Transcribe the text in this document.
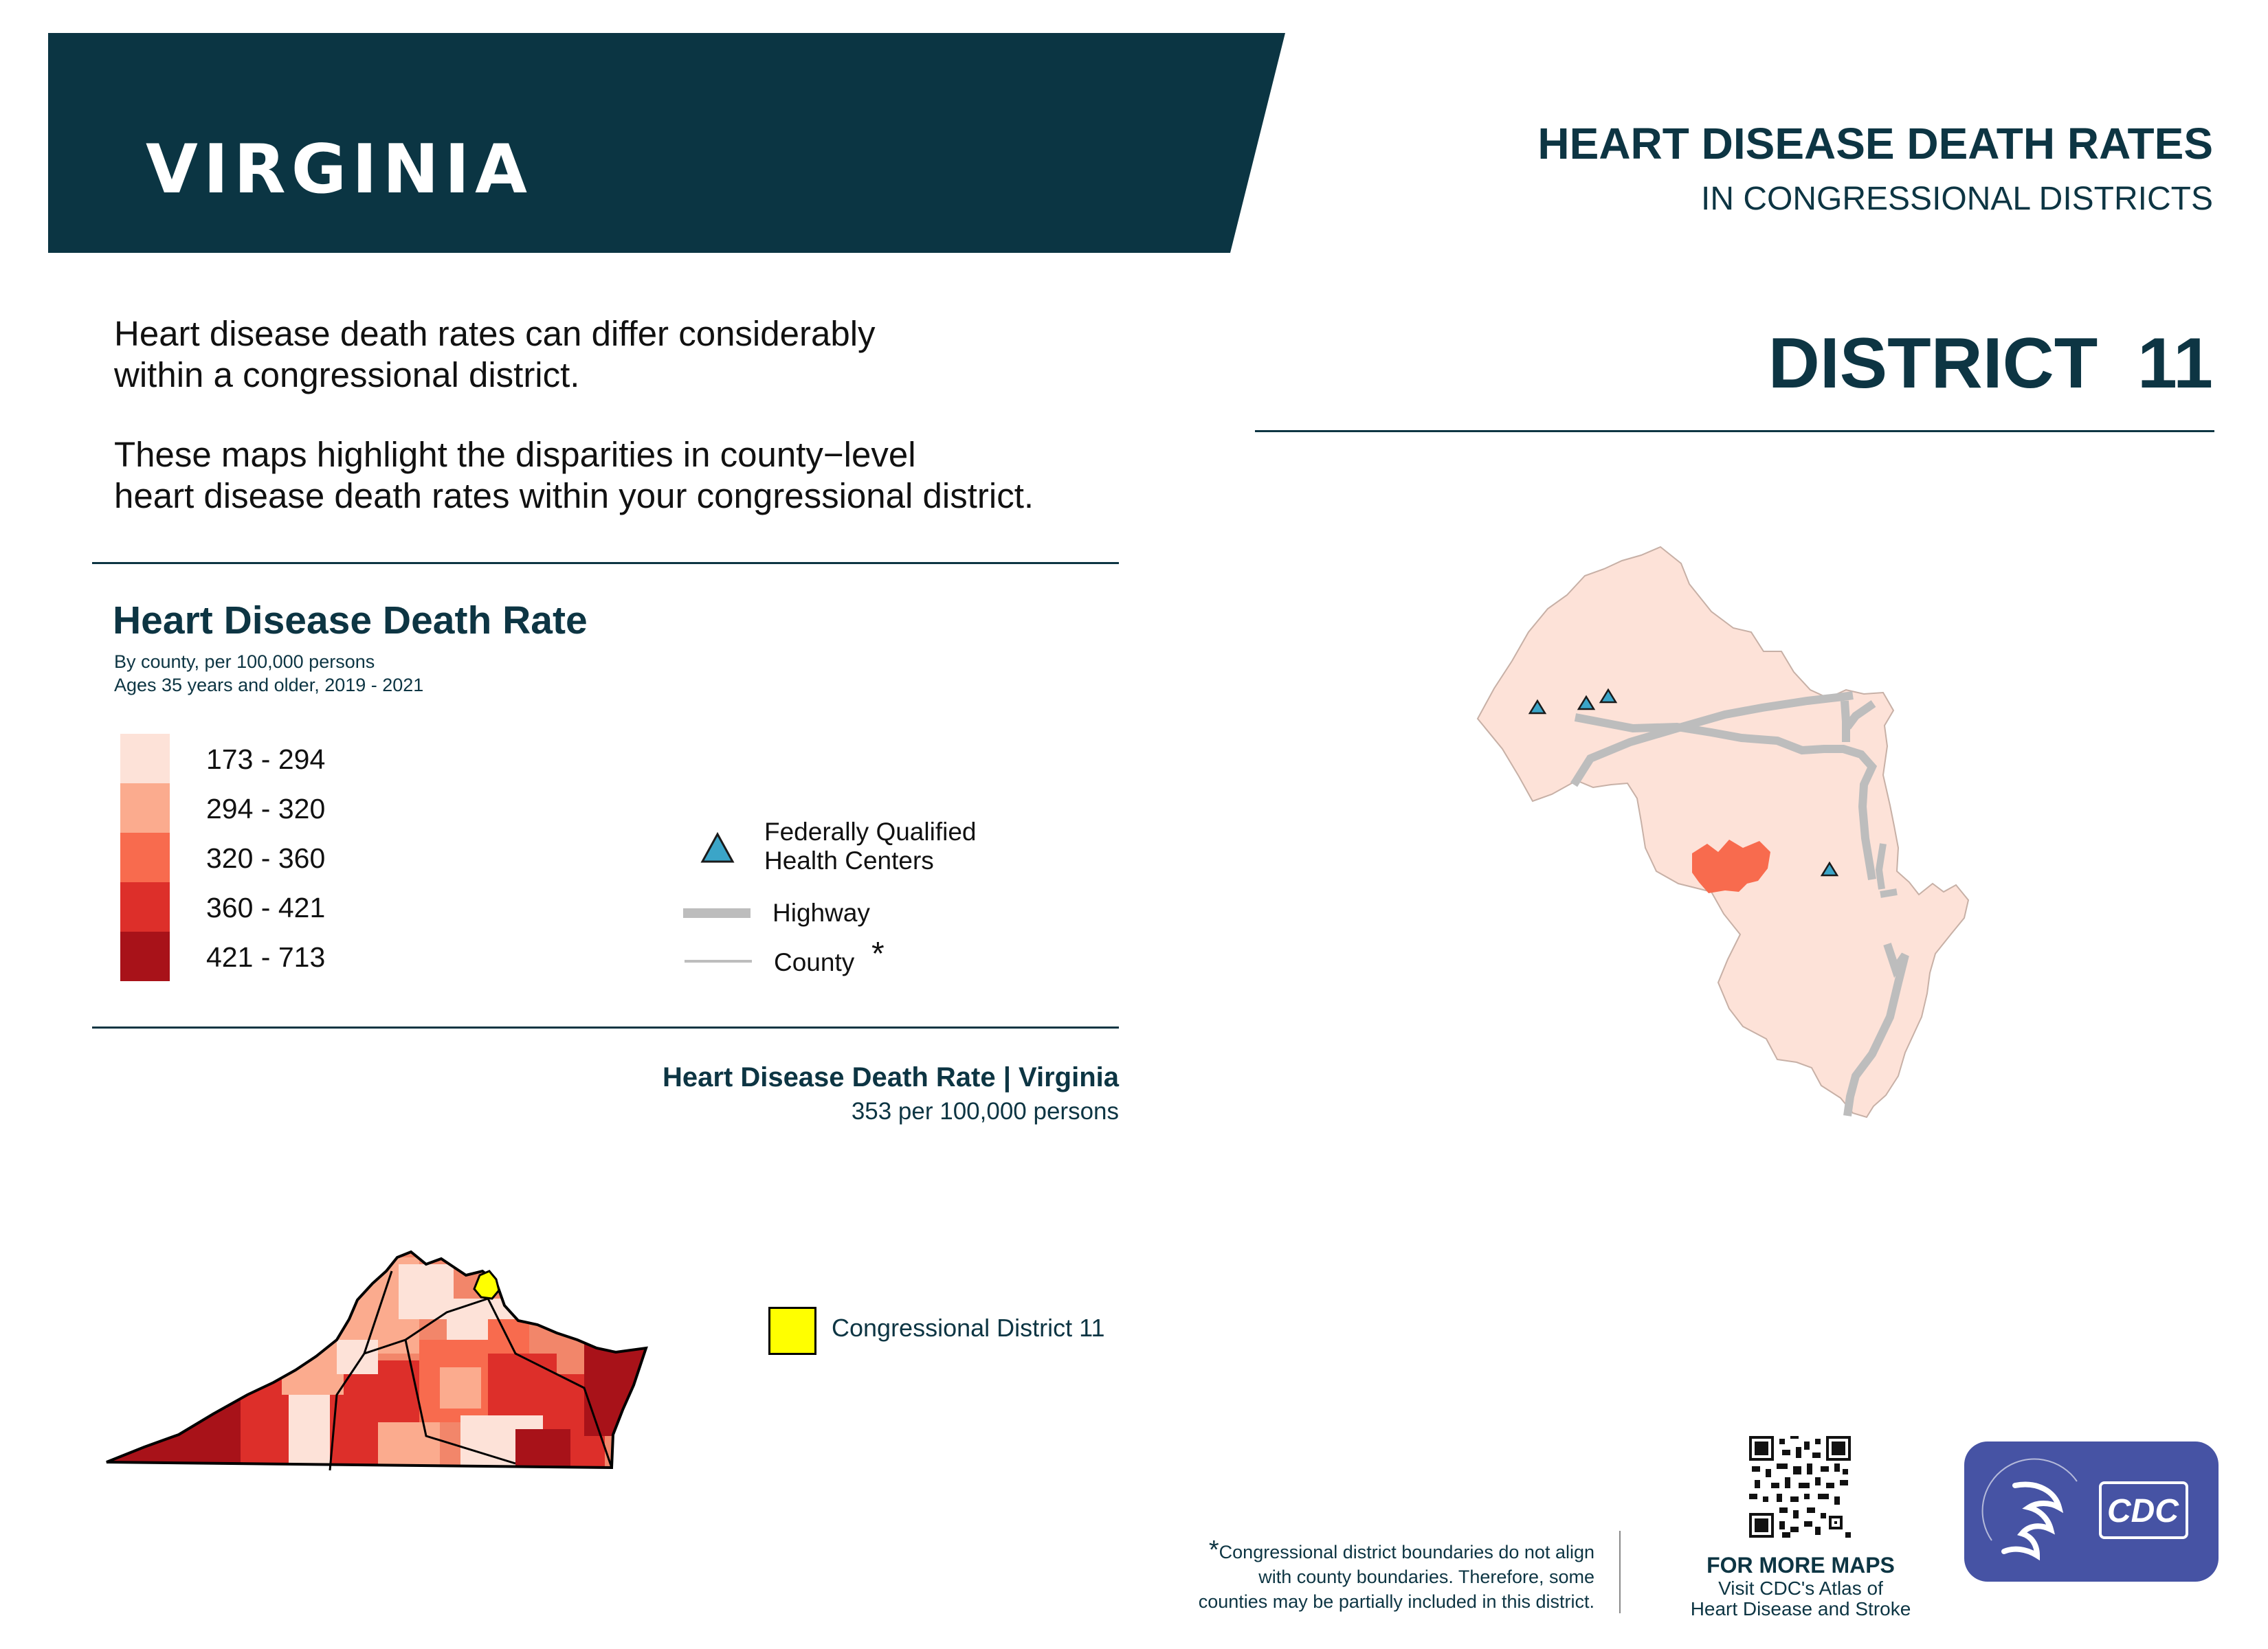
VIRGINIA	HEART DISEASE DEATH RATES
IN CONGRESSIONAL DISTRICTS
DISTRICT  11
Heart disease death rates can differ considerably
within a congressional district.
These maps highlight the disparities in county−level
heart disease death rates within your congressional district.
Heart Disease Death Rate
By county, per 100,000 persons
Ages 35 years and older, 2019 - 2021
173 - 294
294 - 320
320 - 360
360 - 421
421 - 713
Federally Qualified
Health Centers
Highway
County *
Heart Disease Death Rate | Virginia
353 per 100,000 persons
Congressional District 11
*Congressional district boundaries do not align
with county boundaries. Therefore, some
counties may be partially included in this district.
FOR MORE MAPS
Visit CDC's Atlas of
Heart Disease and Stroke
CDC
